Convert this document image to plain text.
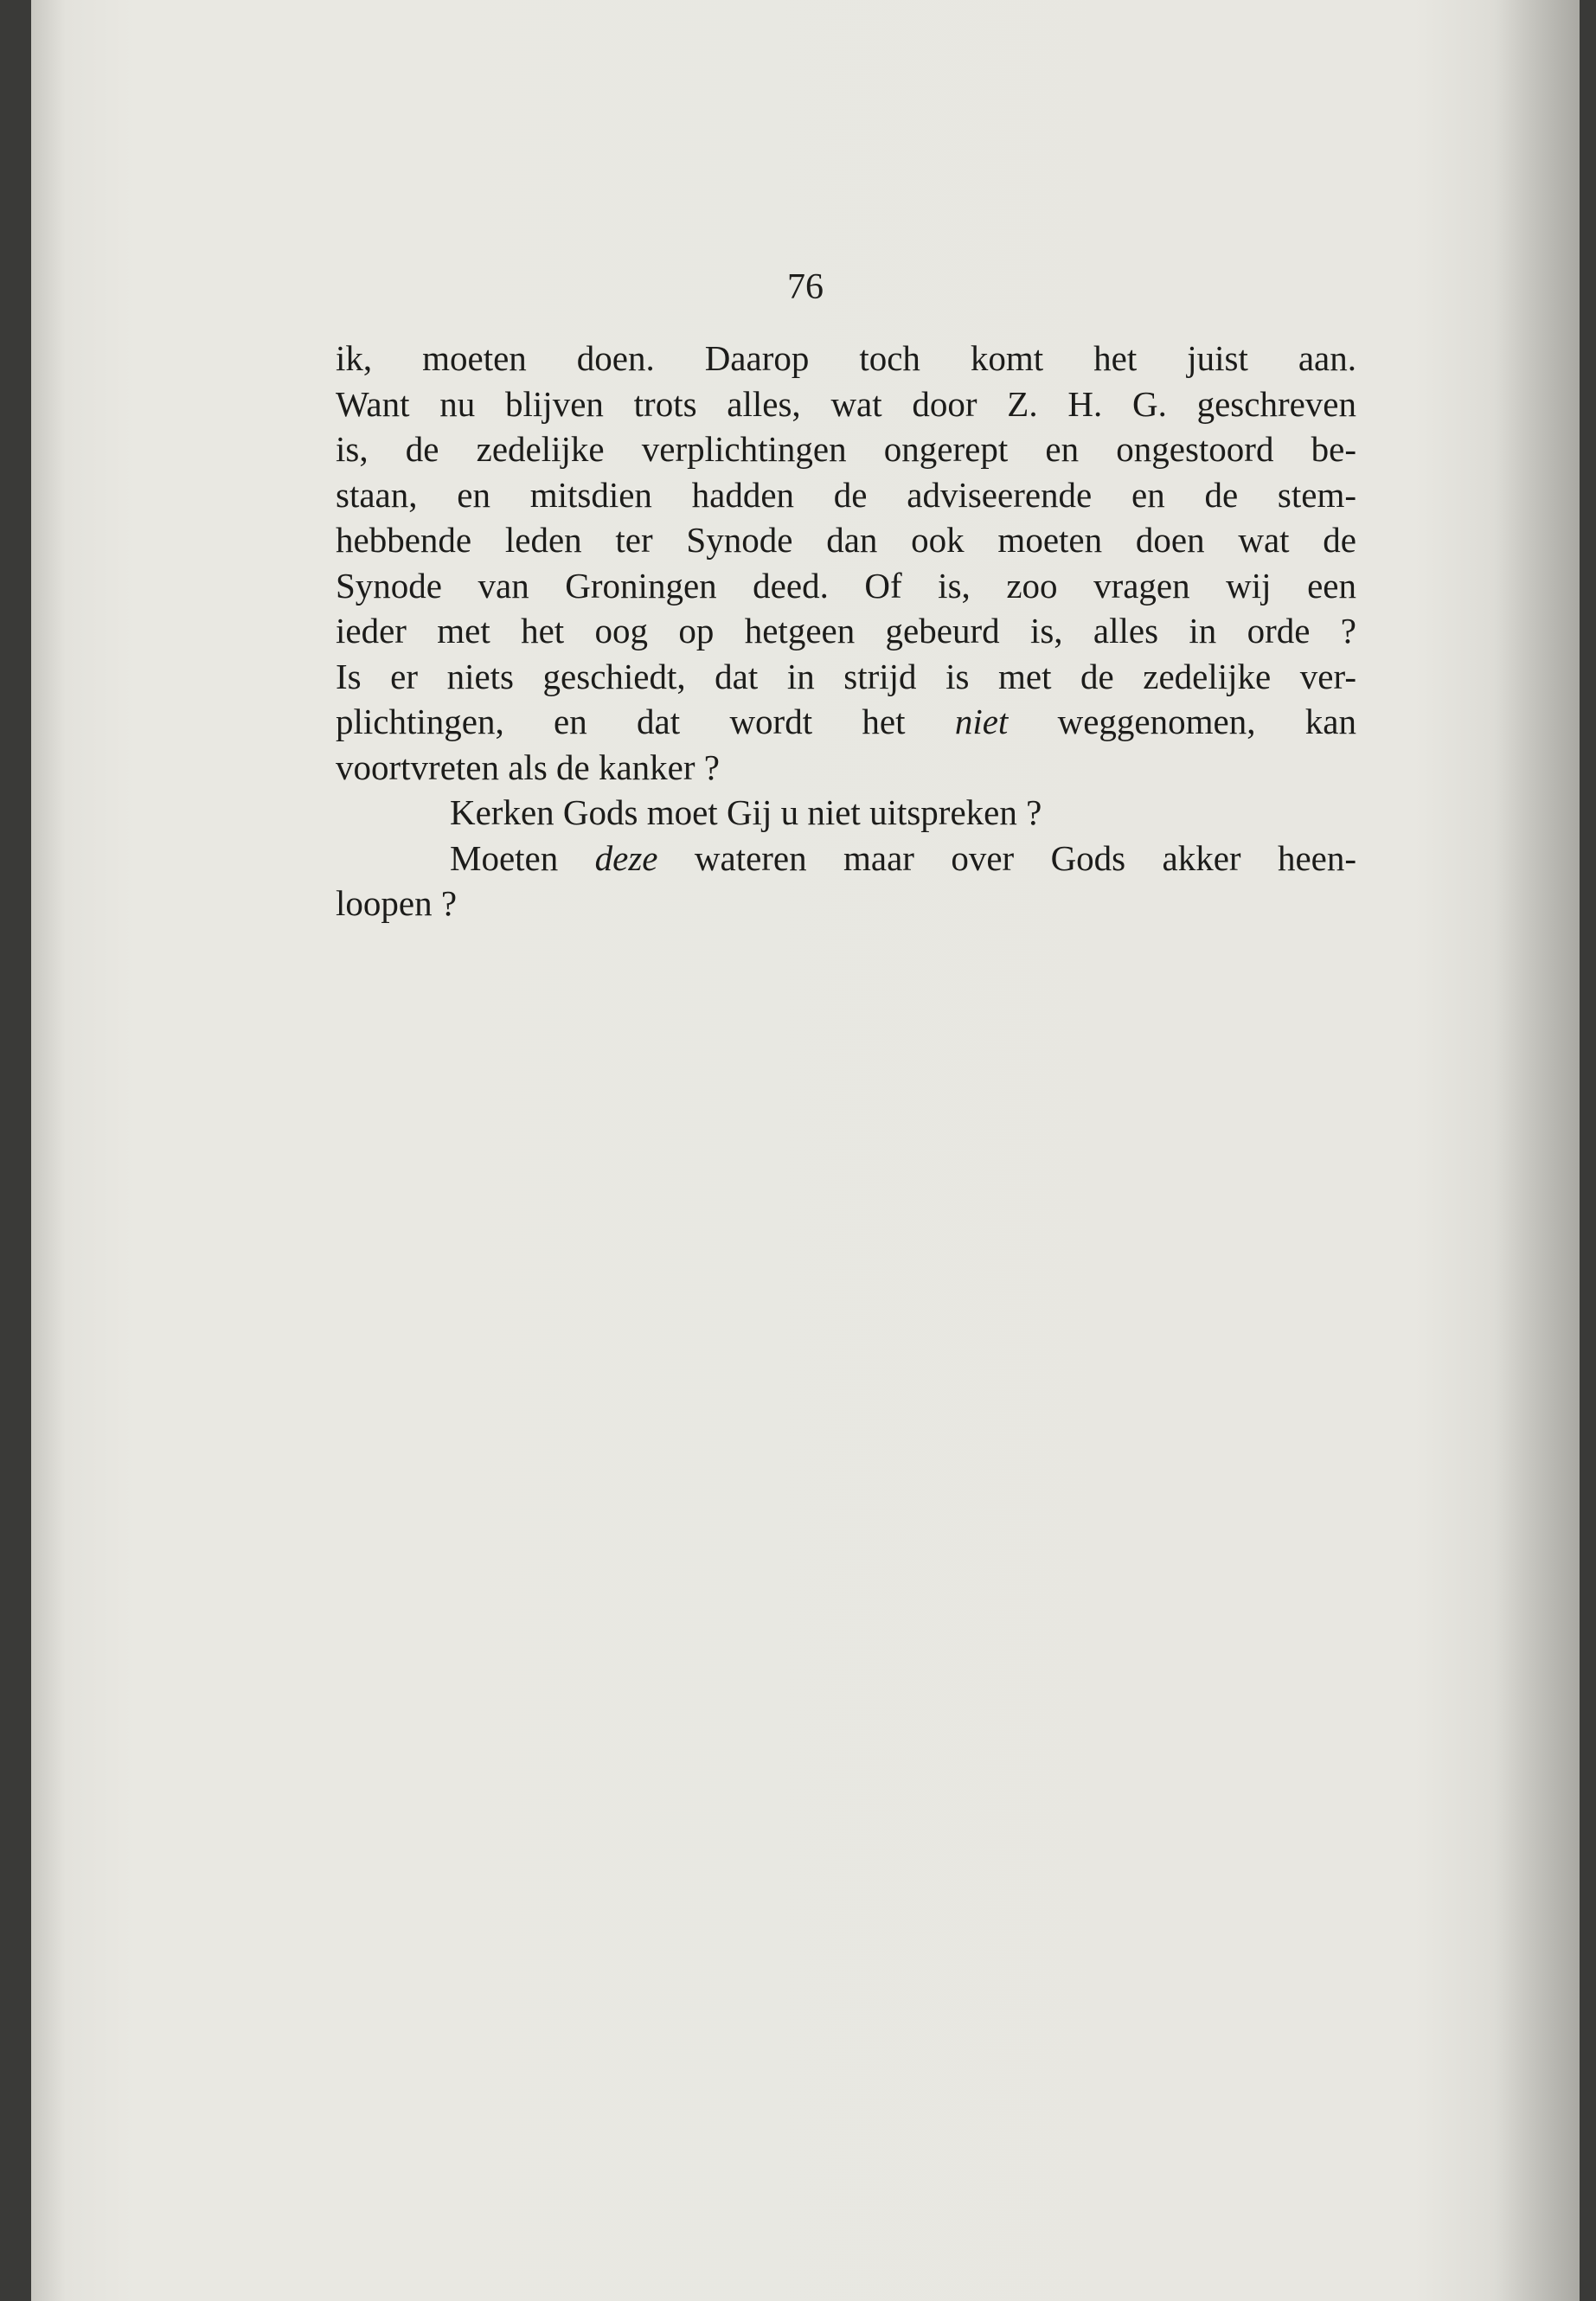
76
ik, moeten doen. Daarop toch komt het juist aan.
Want nu blijven trots alles, wat door Z. H. G. geschreven
is, de zedelijke verplichtingen ongerept en ongestoord be-
staan, en mitsdien hadden de adviseerende en de stem-
hebbende leden ter Synode dan ook moeten doen wat de
Synode van Groningen deed. Of is, zoo vragen wij een
ieder met het oog op hetgeen gebeurd is, alles in orde ?
Is er niets geschiedt, dat in strijd is met de zedelijke ver-
plichtingen, en dat wordt het niet weggenomen, kan
voortvreten als de kanker ?
Kerken Gods moet Gij u niet uitspreken ?
Moeten deze wateren maar over Gods akker heen-
loopen ?
